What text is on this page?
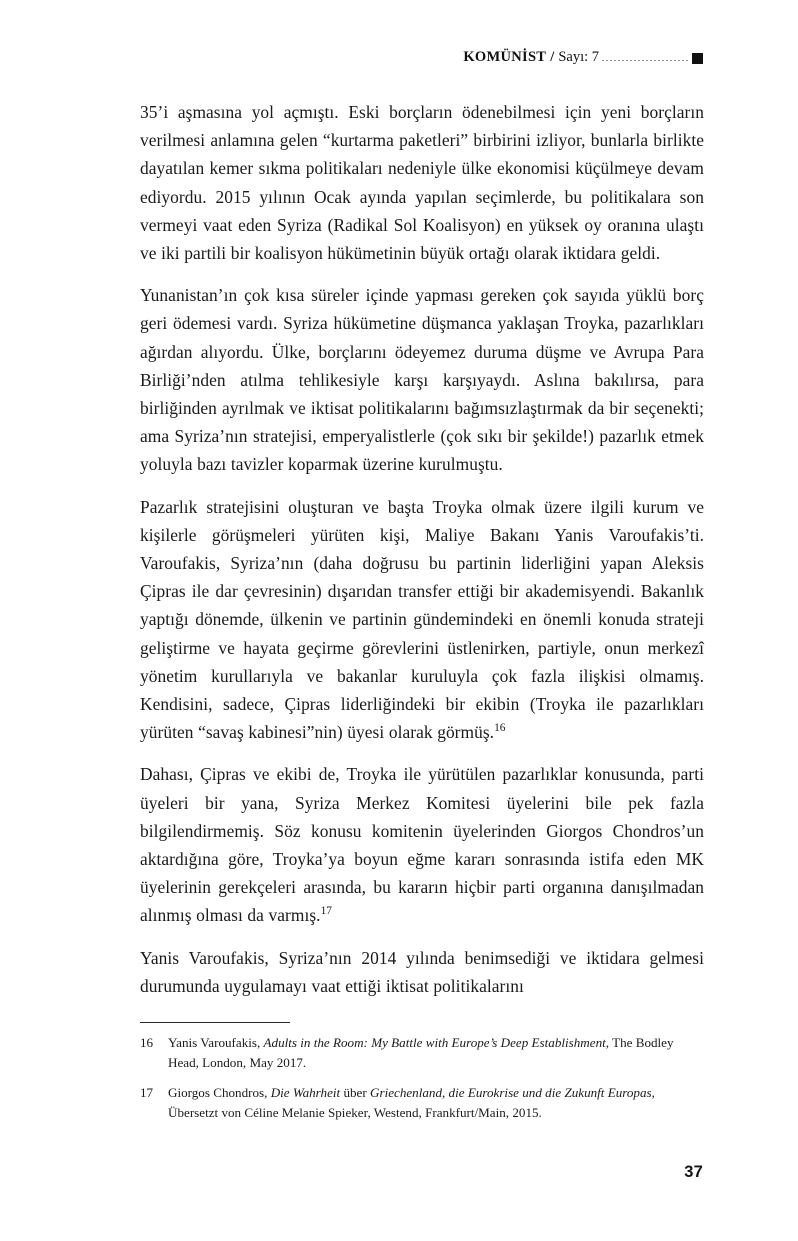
KOMÜNİST / Sayı: 7

35’i aşmasına yol açmıştı. Eski borçların ödenebilmesi için yeni borçların verilmesi anlamına gelen “kurtarma paketleri” birbirini izliyor, bunlarla birlikte dayatılan kemer sıkma politikaları nedeniyle ülke ekonomisi küçülmeye devam ediyordu. 2015 yılının Ocak ayında yapılan seçimlerde, bu politikalara son vermeyi vaat eden Syriza (Radikal Sol Koalisyon) en yüksek oy oranına ulaştı ve iki partili bir koalisyon hükümetinin büyük ortağı olarak iktidara geldi.

Yunanistan’ın çok kısa süreler içinde yapması gereken çok sayıda yüklü borç geri ödemesi vardı. Syriza hükümetine düşmanca yaklaşan Troyka, pazarlıkları ağırdan alıyordu. Ülke, borçlarını ödeyemez duruma düşme ve Avrupa Para Birliği’nden atılma tehlikesiyle karşı karşıyaydı. Aslına bakılırsa, para birliğinden ayrılmak ve iktisat politikalarını bağımsızlaştırmak da bir seçenekti; ama Syriza’nın stratejisi, emperyalistlerle (çok sıkı bir şekilde!) pazarlık etmek yoluyla bazı tavizler koparmak üzerine kurulmuştu.

Pazarlık stratejisini oluşturan ve başta Troyka olmak üzere ilgili kurum ve kişilerle görüşmeleri yürüten kişi, Maliye Bakanı Yanis Varoufakis’ti. Varoufakis, Syriza’nın (daha doğrusu bu partinin liderliğini yapan Aleksis Çipras ile dar çevresinin) dışarıdan transfer ettiği bir akademisyendi. Bakanlık yaptığı dönemde, ülkenin ve partinin gündemindeki en önemli konuda strateji geliştirme ve hayata geçirme görevlerini üstlenirken, partiyle, onun merkezî yönetim kurullarıyla ve bakanlar kuruluyla çok fazla ilişkisi olmamış. Kendisini, sadece, Çipras liderliğindeki bir ekibin (Troyka ile pazarlıkları yürüten “savaş kabinesi”nin) üyesi olarak görmüş.$^{16}$

Dahası, Çipras ve ekibi de, Troyka ile yürütülen pazarlıklar konusunda, parti üyeleri bir yana, Syriza Merkez Komitesi üyelerini bile pek fazla bilgilendirmemiş. Söz konusu komitenin üyelerinden Giorgos Chondros’un aktardığına göre, Troyka’ya boyun eğme kararı sonrasında istifa eden MK üyelerinin gerekçeleri arasında, bu kararın hiçbir parti organına danışılmadan alınmış olması da varmış.$^{17}$

Yanis Varoufakis, Syriza’nın 2014 yılında benimsediği ve iktidara gelmesi durumunda uygulamayı vaat ettiği iktisat politikalarını

16	Yanis Varoufakis, Adults in the Room: My Battle with Europe’s Deep Establishment, The Bodley Head, London, May 2017.
17	Giorgos Chondros, Die Wahrheit über Griechenland, die Eurokrise und die Zukunft Europas, Übersetzt von Céline Melanie Spieker, Westend, Frankfurt/Main, 2015.
37
